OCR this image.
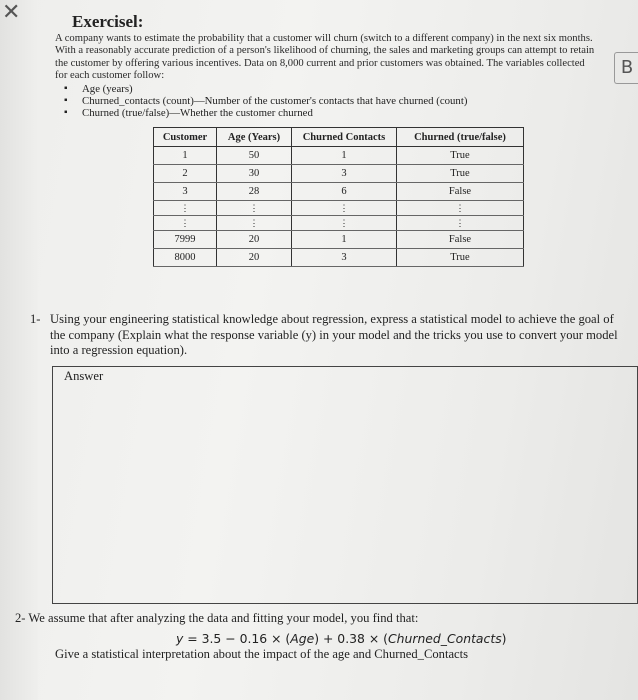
✕
B
Exercisel:
A company wants to estimate the probability that a customer will churn (switch to a different company) in the next six months. With a reasonably accurate prediction of a person's likelihood of churning, the sales and marketing groups can attempt to retain the customer by offering various incentives. Data on 8,000 current and prior customers was obtained. The variables collected for each customer follow:
▪ Age (years)
▪ Churned_contacts (count)—Number of the customer's contacts that have churned (count)
▪ Churned (true/false)—Whether the customer churned
Customer	Age (Years)	Churned Contacts	Churned (true/false)
1	50	1	True
2	30	3	True
3	28	6	False
⋮	⋮	⋮	⋮
⋮	⋮	⋮	⋮
7999	20	1	False
8000	20	3	True
1- Using your engineering statistical knowledge about regression, express a statistical model to achieve the goal of the company (Explain what the response variable (y) in your model and the tricks you use to convert your model into a regression equation).
Answer
2- We assume that after analyzing the data and fitting your model, you find that:
y = 3.5 − 0.16 × (Age) + 0.38 × (Churned_Contacts)
Give a statistical interpretation about the impact of the age and Churned_Contacts
